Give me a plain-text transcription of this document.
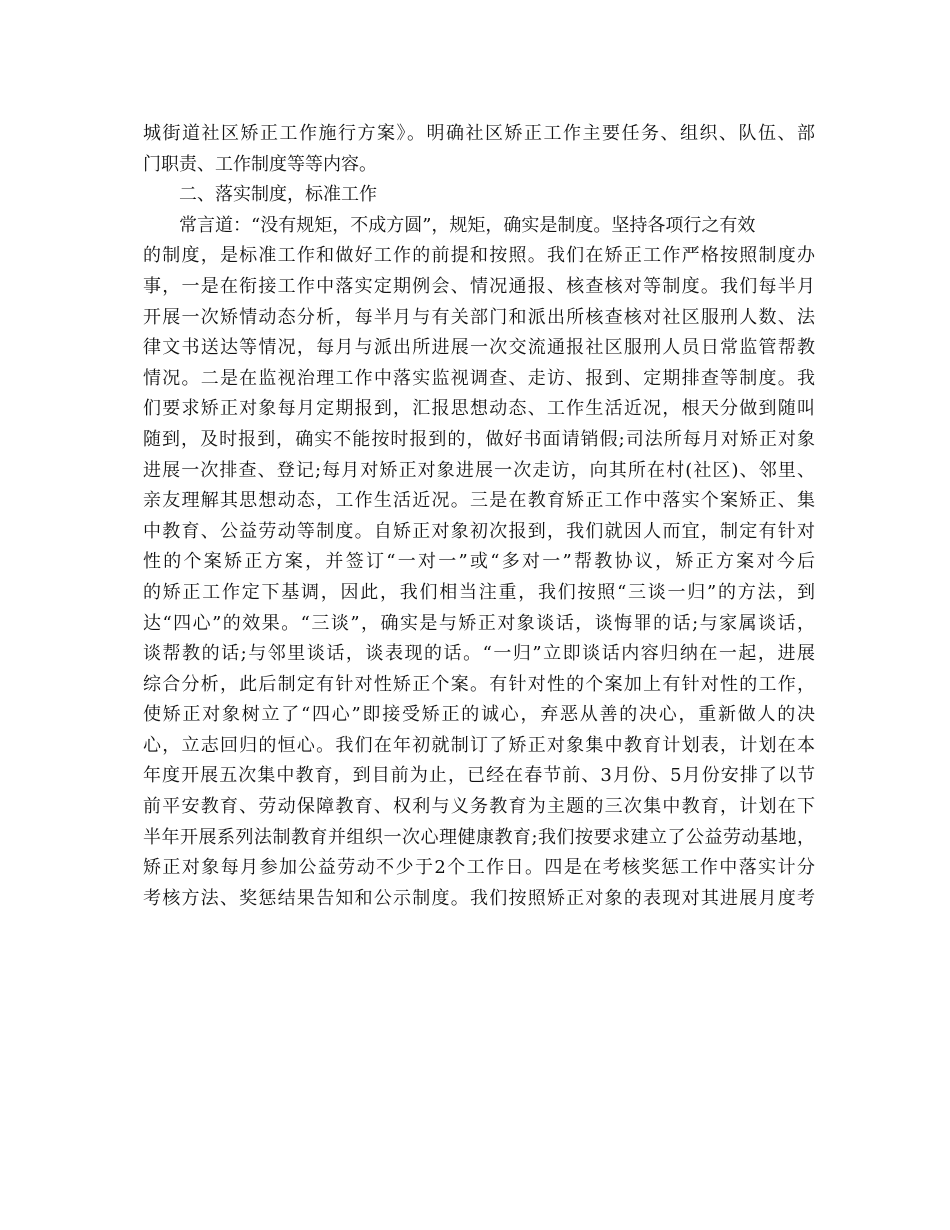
城街道社区矫正工作施行方案》。明确社区矫正工作主要任务、组织、队伍、部
门职责、工作制度等等内容。
二、落实制度，标准工作
常言道：“没有规矩，不成方圆”，规矩，确实是制度。坚持各项行之有效
的制度，是标准工作和做好工作的前提和按照。我们在矫正工作严格按照制度办
事，一是在衔接工作中落实定期例会、情况通报、核查核对等制度。我们每半月
开展一次矫情动态分析，每半月与有关部门和派出所核查核对社区服刑人数、法
律文书送达等情况，每月与派出所进展一次交流通报社区服刑人员日常监管帮教
情况。二是在监视治理工作中落实监视调查、走访、报到、定期排查等制度。我
们要求矫正对象每月定期报到，汇报思想动态、工作生活近况，根天分做到随叫
随到，及时报到，确实不能按时报到的，做好书面请销假;司法所每月对矫正对象
进展一次排查、登记;每月对矫正对象进展一次走访，向其所在村(社区)、邻里、
亲友理解其思想动态，工作生活近况。三是在教育矫正工作中落实个案矫正、集
中教育、公益劳动等制度。自矫正对象初次报到，我们就因人而宜，制定有针对
性的个案矫正方案，并签订“一对一”或“多对一”帮教协议，矫正方案对今后
的矫正工作定下基调，因此，我们相当注重，我们按照“三谈一归”的方法，到
达“四心”的效果。“三谈”，确实是与矫正对象谈话，谈悔罪的话;与家属谈话，
谈帮教的话;与邻里谈话，谈表现的话。“一归”立即谈话内容归纳在一起，进展
综合分析，此后制定有针对性矫正个案。有针对性的个案加上有针对性的工作，
使矫正对象树立了“四心”即接受矫正的诚心，弃恶从善的决心，重新做人的决
心，立志回归的恒心。我们在年初就制订了矫正对象集中教育计划表，计划在本
年度开展五次集中教育，到目前为止，已经在春节前、3月份、5月份安排了以节
前平安教育、劳动保障教育、权利与义务教育为主题的三次集中教育，计划在下
半年开展系列法制教育并组织一次心理健康教育;我们按要求建立了公益劳动基地，
矫正对象每月参加公益劳动不少于2个工作日。四是在考核奖惩工作中落实计分
考核方法、奖惩结果告知和公示制度。我们按照矫正对象的表现对其进展月度考
